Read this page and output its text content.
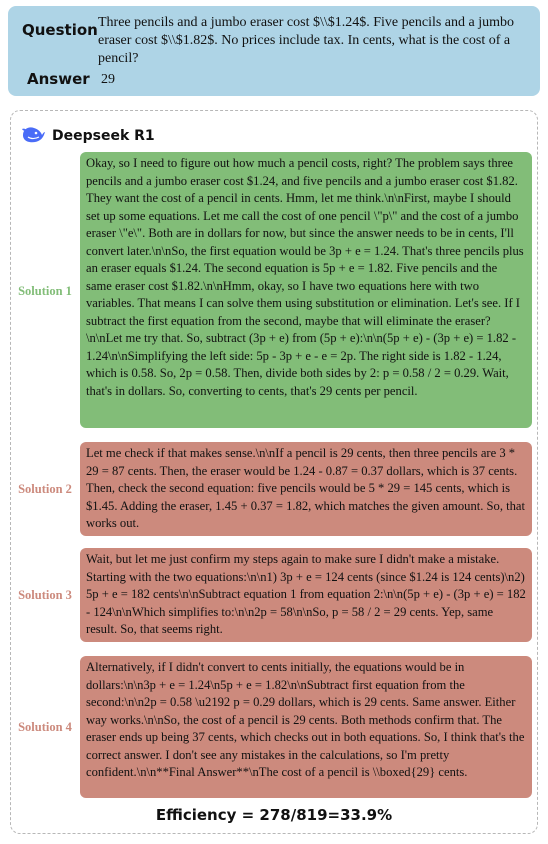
Question Three pencils and a jumbo eraser cost $\\$1.24$. Five pencils and a jumbo eraser cost $\\$1.82$. No prices include tax. In cents, what is the cost of a pencil?
Answer 29
Deepseek R1
Solution 1
Okay, so I need to figure out how much a pencil costs, right? The problem says three pencils and a jumbo eraser cost $1.24, and five pencils and a jumbo eraser cost $1.82. They want the cost of a pencil in cents. Hmm, let me think.\n\nFirst, maybe I should set up some equations. Let me call the cost of one pencil \"p\" and the cost of a jumbo eraser \"e\". Both are in dollars for now, but since the answer needs to be in cents, I'll convert later.\n\nSo, the first equation would be 3p + e = 1.24. That's three pencils plus an eraser equals $1.24. The second equation is 5p + e = 1.82. Five pencils and the same eraser cost $1.82.\n\nHmm, okay, so I have two equations here with two variables. That means I can solve them using substitution or elimination. Let's see. If I subtract the first equation from the second, maybe that will eliminate the eraser?\n\nLet me try that. So, subtract (3p + e) from (5p + e):\n\n(5p + e) - (3p + e) = 1.82 - 1.24\n\nSimplifying the left side: 5p - 3p + e - e = 2p. The right side is 1.82 - 1.24, which is 0.58. So, 2p = 0.58. Then, divide both sides by 2: p = 0.58 / 2 = 0.29. Wait, that's in dollars. So, converting to cents, that's 29 cents per pencil.
Solution 2
Let me check if that makes sense.\n\nIf a pencil is 29 cents, then three pencils are 3 * 29 = 87 cents. Then, the eraser would be 1.24 - 0.87 = 0.37 dollars, which is 37 cents. Then, check the second equation: five pencils would be 5 * 29 = 145 cents, which is $1.45. Adding the eraser, 1.45 + 0.37 = 1.82, which matches the given amount. So, that works out.
Solution 3
Wait, but let me just confirm my steps again to make sure I didn't make a mistake. Starting with the two equations:\n\n1) 3p + e = 124 cents (since $1.24 is 124 cents)\n2) 5p + e = 182 cents\n\nSubtract equation 1 from equation 2:\n\n(5p + e) - (3p + e) = 182 - 124\n\nWhich simplifies to:\n\n2p = 58\n\nSo, p = 58 / 2 = 29 cents. Yep, same result. So, that seems right.
Solution 4
Alternatively, if I didn't convert to cents initially, the equations would be in dollars:\n\n3p + e = 1.24\n5p + e = 1.82\n\nSubtract first equation from the second:\n\n2p = 0.58 \u2192 p = 0.29 dollars, which is 29 cents. Same answer. Either way works.\n\nSo, the cost of a pencil is 29 cents. Both methods confirm that. The eraser ends up being 37 cents, which checks out in both equations. So, I think that's the correct answer. I don't see any mistakes in the calculations, so I'm pretty confident.\n\n**Final Answer**\nThe cost of a pencil is \\boxed{29} cents.
Efficiency = 278/819=33.9%
